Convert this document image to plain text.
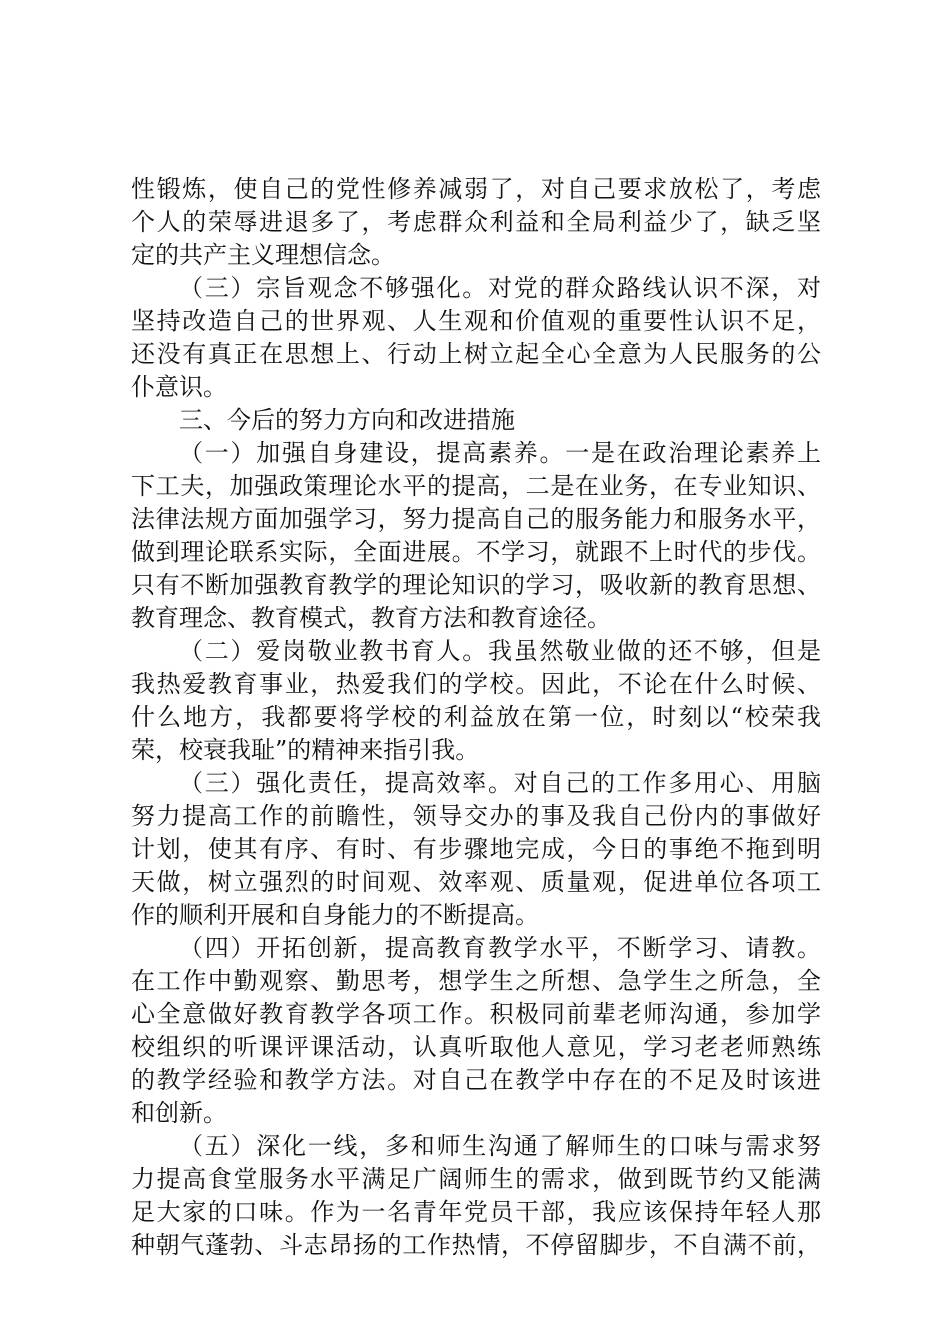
性锻炼，使自己的党性修养减弱了，对自己要求放松了，考虑
个人的荣辱进退多了，考虑群众利益和全局利益少了，缺乏坚
定的共产主义理想信念。
（三）宗旨观念不够强化。对党的群众路线认识不深，对
坚持改造自己的世界观、人生观和价值观的重要性认识不足，
还没有真正在思想上、行动上树立起全心全意为人民服务的公
仆意识。
三、今后的努力方向和改进措施
（一）加强自身建设，提高素养。一是在政治理论素养上
下工夫，加强政策理论水平的提高，二是在业务，在专业知识、
法律法规方面加强学习，努力提高自己的服务能力和服务水平，
做到理论联系实际，全面进展。不学习，就跟不上时代的步伐。
只有不断加强教育教学的理论知识的学习，吸收新的教育思想、
教育理念、教育模式，教育方法和教育途径。
（二）爱岗敬业教书育人。我虽然敬业做的还不够，但是
我热爱教育事业，热爱我们的学校。因此，不论在什么时候、
什么地方，我都要将学校的利益放在第一位，时刻以“校荣我
荣，校衰我耻”的精神来指引我。
（三）强化责任，提高效率。对自己的工作多用心、用脑
努力提高工作的前瞻性，领导交办的事及我自己份内的事做好
计划，使其有序、有时、有步骤地完成，今日的事绝不拖到明
天做，树立强烈的时间观、效率观、质量观，促进单位各项工
作的顺利开展和自身能力的不断提高。
（四）开拓创新，提高教育教学水平，不断学习、请教。
在工作中勤观察、勤思考，想学生之所想、急学生之所急，全
心全意做好教育教学各项工作。积极同前辈老师沟通，参加学
校组织的听课评课活动，认真听取他人意见，学习老老师熟练
的教学经验和教学方法。对自己在教学中存在的不足及时该进
和创新。
（五）深化一线，多和师生沟通了解师生的口味与需求努
力提高食堂服务水平满足广阔师生的需求，做到既节约又能满
足大家的口味。作为一名青年党员干部，我应该保持年轻人那
种朝气蓬勃、斗志昂扬的工作热情，不停留脚步，不自满不前，
